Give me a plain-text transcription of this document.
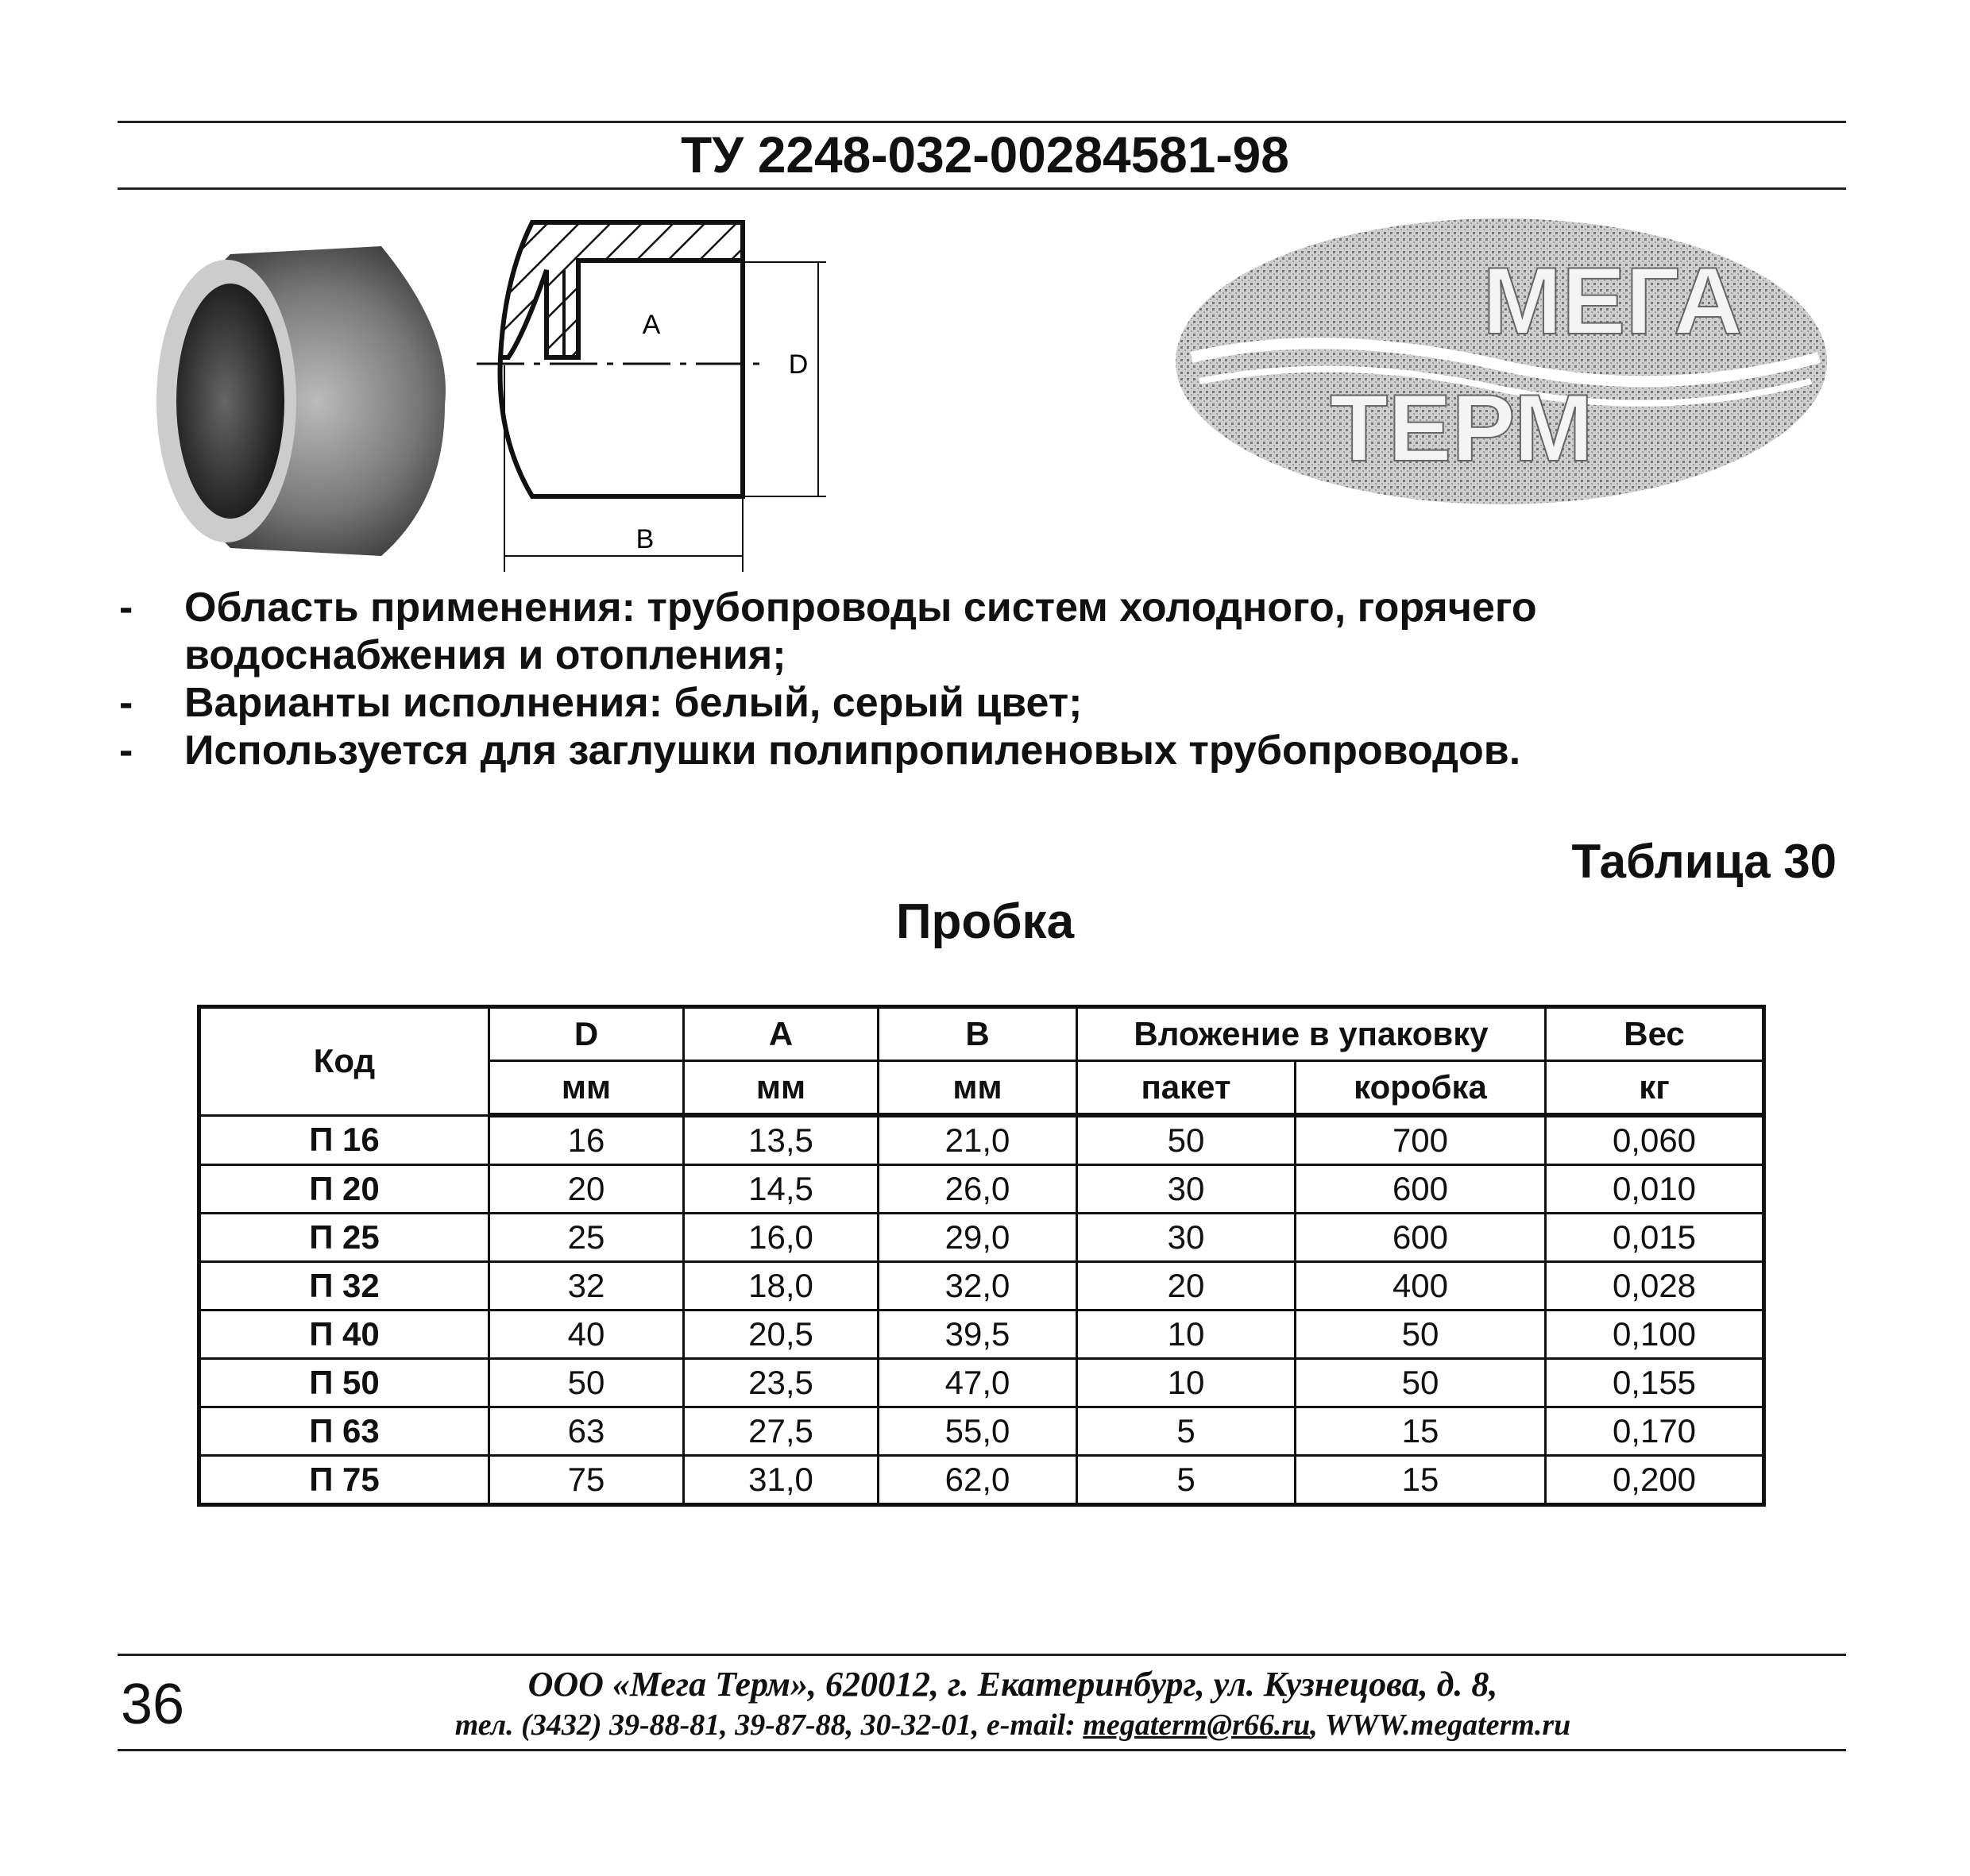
ТУ 2248-032-00284581-98
A
D
B
МЕГА
ТЕРМ
-	Область применения: трубопроводы систем холодного, горячего водоснабжения и отопления;
-	Варианты исполнения: белый, серый цвет;
-	Используется для заглушки полипропиленовых трубопроводов.
Таблица 30
Пробка
Код	D	A	B	Вложение в упаковку		Вес
	мм	мм	мм	пакет	коробка	кг
П 16	16	13,5	21,0	50	700	0,060
П 20	20	14,5	26,0	30	600	0,010
П 25	25	16,0	29,0	30	600	0,015
П 32	32	18,0	32,0	20	400	0,028
П 40	40	20,5	39,5	10	50	0,100
П 50	50	23,5	47,0	10	50	0,155
П 63	63	27,5	55,0	5	15	0,170
П 75	75	31,0	62,0	5	15	0,200
36	ООО «Мега Терм», 620012, г. Екатеринбург, ул. Кузнецова, д. 8,
тел. (3432) 39-88-81, 39-87-88, 30-32-01, e-mail: megaterm@r66.ru, WWW.megaterm.ru
